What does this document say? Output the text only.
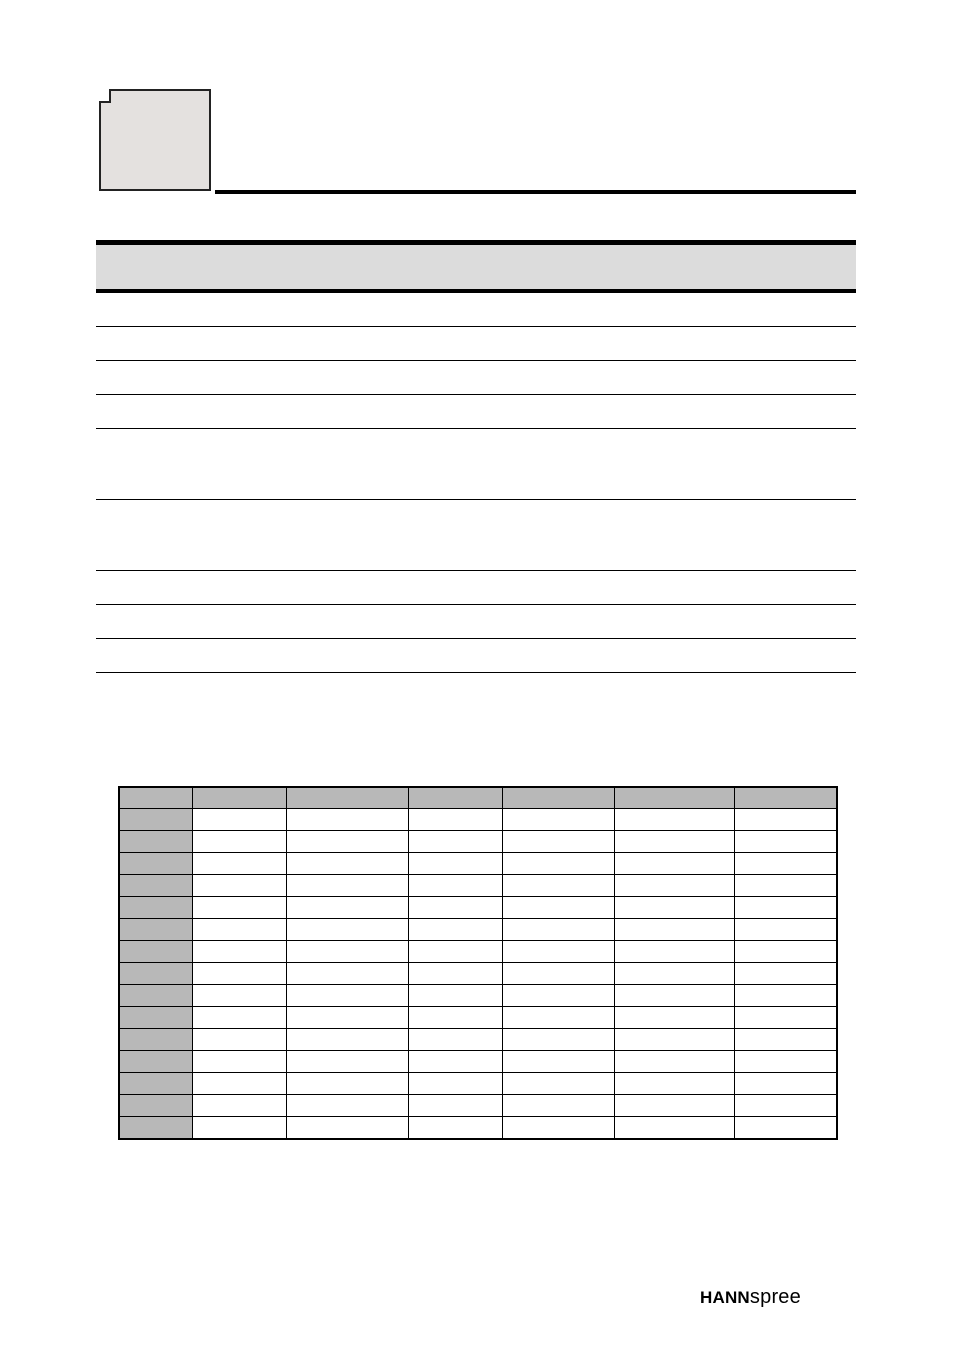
HANNspree
